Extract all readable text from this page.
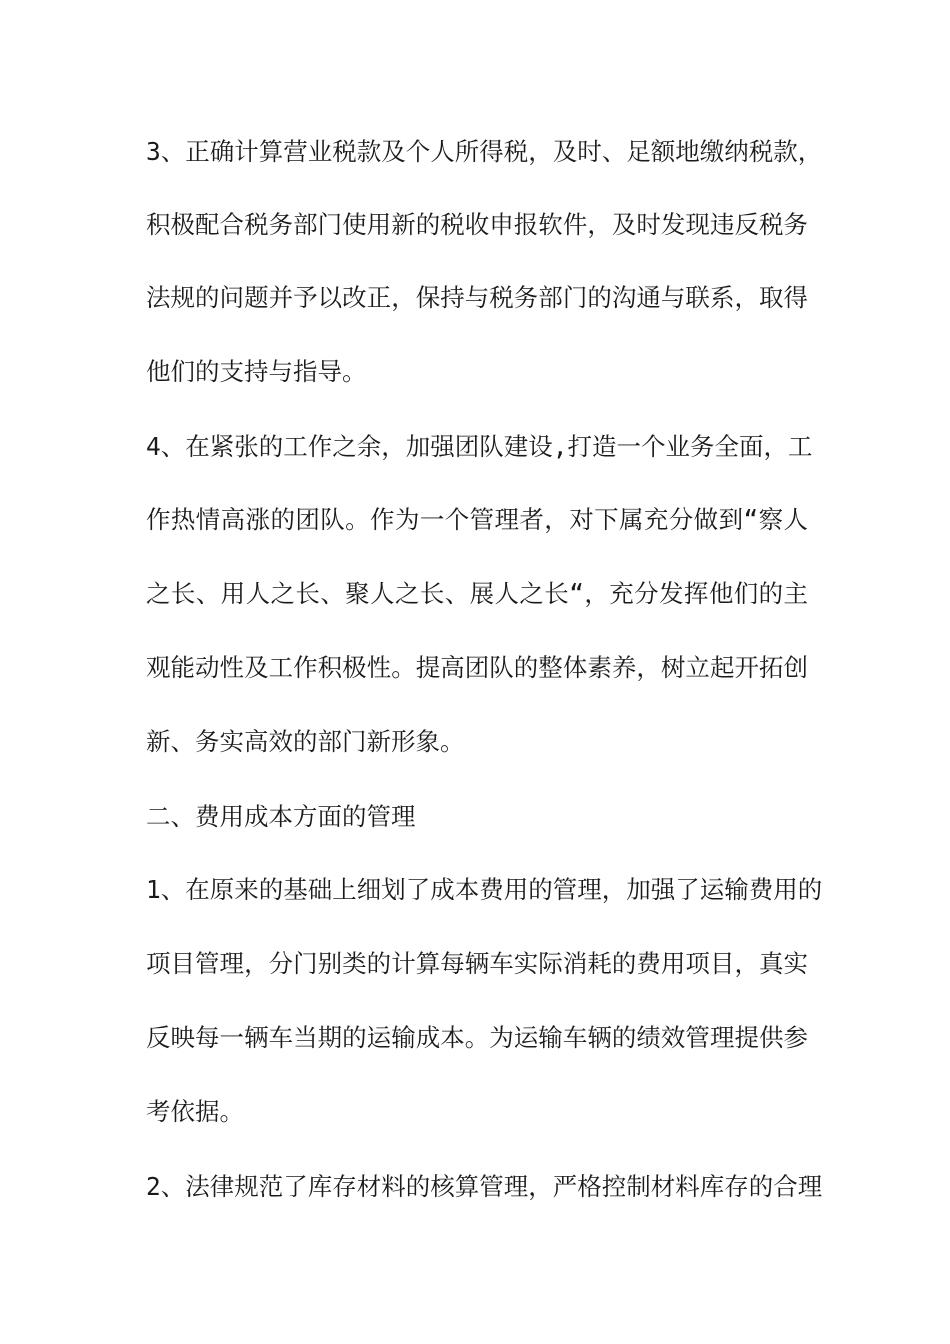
3、正确计算营业税款及个人所得税，及时、足额地缴纳税款，
积极配合税务部门使用新的税收申报软件，及时发现违反税务
法规的问题并予以改正，保持与税务部门的沟通与联系，取得
他们的支持与指导。
4、在紧张的工作之余，加强团队建设,打造一个业务全面，工
作热情高涨的团队。作为一个管理者，对下属充分做到“察人
之长、用人之长、聚人之长、展人之长“，充分发挥他们的主
观能动性及工作积极性。提高团队的整体素养，树立起开拓创
新、务实高效的部门新形象。
二、费用成本方面的管理
1、在原来的基础上细划了成本费用的管理，加强了运输费用的
项目管理，分门别类的计算每辆车实际消耗的费用项目，真实
反映每一辆车当期的运输成本。为运输车辆的绩效管理提供参
考依据。
2、法律规范了库存材料的核算管理，严格控制材料库存的合理
